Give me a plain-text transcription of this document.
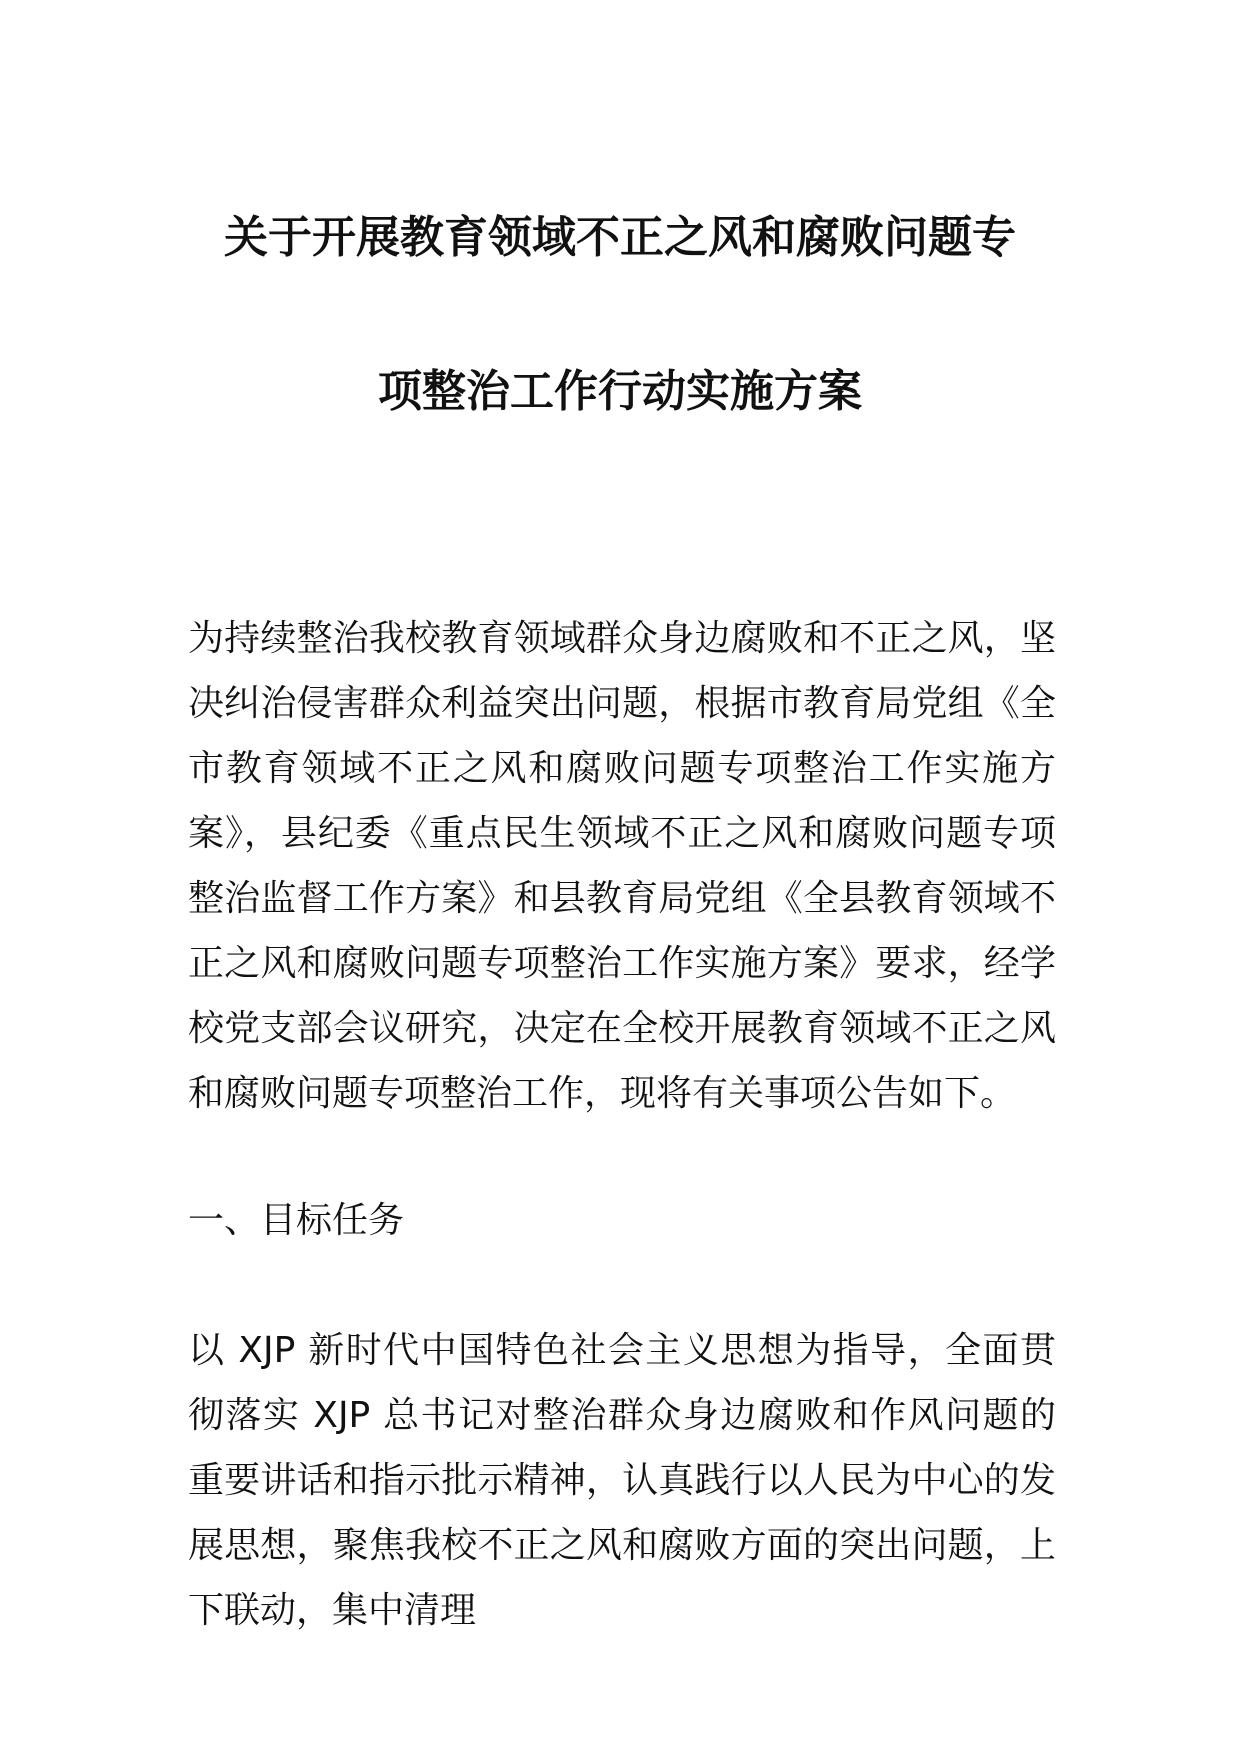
关于开展教育领域不正之风和腐败问题专
项整治工作行动实施方案

为持续整治我校教育领域群众身边腐败和不正之风，坚决纠治侵害群众利益突出问题，根据市教育局党组《全市教育领域不正之风和腐败问题专项整治工作实施方案》，县纪委《重点民生领域不正之风和腐败问题专项整治监督工作方案》和县教育局党组《全县教育领域不正之风和腐败问题专项整治工作实施方案》要求，经学校党支部会议研究，决定在全校开展教育领域不正之风和腐败问题专项整治工作，现将有关事项公告如下。

一、目标任务

以 XJP 新时代中国特色社会主义思想为指导，全面贯彻落实 XJP 总书记对整治群众身边腐败和作风问题的重要讲话和指示批示精神，认真践行以人民为中心的发展思想，聚焦我校不正之风和腐败方面的突出问题，上下联动，集中清理
